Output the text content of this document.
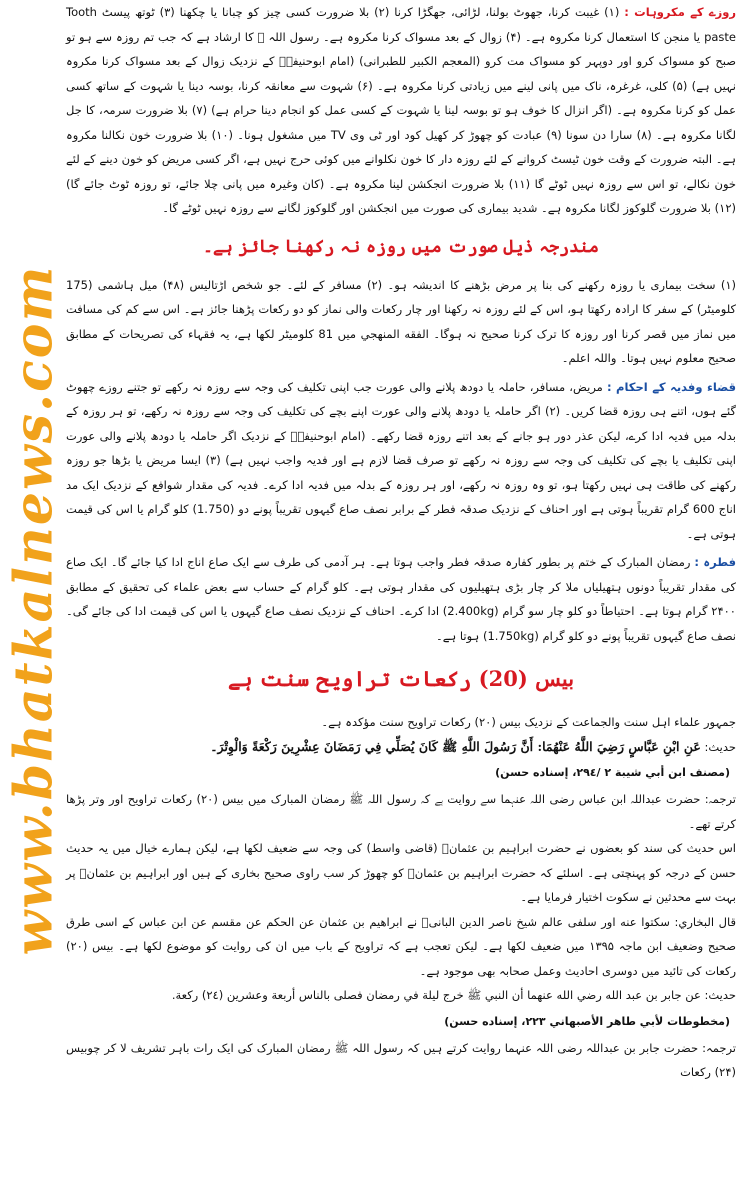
www.bhatkalnews.com

روزے کے مکروہات : (۱) غیبت کرنا، جھوٹ بولنا، لڑائی، جھگڑا کرنا (۲) بلا ضرورت کسی چیز کو چبانا یا چکھنا (۳) ٹوتھ پیسٹ Tooth paste یا منجن کا استعمال کرنا مکروہ ہے۔ (۴) زوال کے بعد مسواک کرنا مکروہ ہے۔ رسول اللہ ﷺ کا ارشاد ہے کہ جب تم روزہ سے ہو تو صبح کو مسواک کرو اور دوپہر کو مسواک مت کرو (المعجم الکبیر للطبرانی) (امام ابوحنیفہؒ کے نزدیک زوال کے بعد مسواک کرنا مکروہ نہیں ہے) (۵) کلی، غرغرہ، ناک میں پانی لینے میں زیادتی کرنا مکروہ ہے۔ (۶) شہوت سے معانقہ کرنا، بوسہ دینا یا شہوت کے ساتھ کسی عمل کو کرنا مکروہ ہے۔ (اگر انزال کا خوف ہو تو بوسہ لینا یا شہوت کے کسی عمل کو انجام دینا حرام ہے) (۷) بلا ضرورت سرمہ، کا جل لگانا مکروہ ہے۔ (۸) سارا دن سونا (۹) عبادت کو چھوڑ کر کھیل کود اور ٹی وی TV میں مشغول ہونا۔ (۱۰) بلا ضرورت خون نکالنا مکروہ ہے۔ البتہ ضرورت کے وقت خون ٹیسٹ کروانے کے لئے روزہ دار کا خون نکلوانے میں کوئی حرج نہیں ہے، اگر کسی مریض کو خون دینے کے لئے خون نکالے، تو اس سے روزہ نہیں ٹوٹے گا (۱۱) بلا ضرورت انجکشن لینا مکروہ ہے۔ (کان وغیرہ میں پانی چلا جائے، تو روزہ ٹوٹ جائے گا) (۱۲) بلا ضرورت گلوکوز لگانا مکروہ ہے۔ شدید بیماری کی صورت میں انجکشن اور گلوکوز لگانے سے روزہ نہیں ٹوٹے گا۔

مندرجہ ذیل صورت میں روزہ نہ رکھنا جائز ہے۔

(۱) سخت بیماری یا روزہ رکھنے کی بنا پر مرض بڑھنے کا اندیشہ ہو۔ (۲) مسافر کے لئے۔ جو شخص اڑتالیس (۴۸) میل ہاشمی (175 کلومیٹر) کے سفر کا ارادہ رکھتا ہو، اس کے لئے روزہ نہ رکھنا اور چار رکعات والی نماز کو دو رکعات پڑھنا جائز ہے۔ اس سے کم کی مسافت میں نماز میں قصر کرنا اور روزہ کا ترک کرنا صحیح نہ ہوگا۔ الفقه المنهجي میں 81 کلومیٹر لکھا ہے، یہ فقہاء کی تصریحات کے مطابق صحیح معلوم نہیں ہوتا۔ واللہ اعلم۔

قضاء وفدیہ کے احکام : مریض، مسافر، حاملہ یا دودھ پلانے والی عورت جب اپنی تکلیف کی وجہ سے روزہ نہ رکھے تو جتنے روزے چھوٹ گئے ہوں، اتنے ہی روزہ قضا کریں۔ (۲) اگر حاملہ یا دودھ پلانے والی عورت اپنے بچے کی تکلیف کی وجہ سے روزہ نہ رکھے، تو ہر روزہ کے بدلہ میں فدیہ ادا کرے، لیکن عذر دور ہو جانے کے بعد اتنے روزہ قضا رکھے۔ (امام ابوحنیفہؒ کے نزدیک اگر حاملہ یا دودھ پلانے والی عورت اپنی تکلیف یا بچے کی تکلیف کی وجہ سے روزہ نہ رکھے تو صرف قضا لازم ہے اور فدیہ واجب نہیں ہے) (۳) ایسا مریض یا بڑھا جو روزہ رکھنے کی طاقت ہی نہیں رکھتا ہو، تو وہ روزہ نہ رکھے، اور ہر روزہ کے بدلہ میں فدیہ ادا کرے۔ فدیہ کی مقدار شوافع کے نزدیک ایک مد اناج 600 گرام تقریباً ہوتی ہے اور احناف کے نزدیک صدقہ فطر کے برابر نصف صاع گیہوں تقریباً پونے دو (1.750) کلو گرام یا اس کی قیمت ہوتی ہے۔

فطرہ : رمضان المبارک کے ختم پر بطور کفارہ صدقہ فطر واجب ہوتا ہے۔ ہر آدمی کی طرف سے ایک صاع اناج ادا کیا جائے گا۔ ایک صاع کی مقدار تقریباً دونوں ہتھیلیاں ملا کر چار بڑی ہتھیلیوں کی مقدار ہوتی ہے۔ کلو گرام کے حساب سے بعض علماء کی تحقیق کے مطابق ۲۴۰۰ گرام ہوتا ہے۔ احتیاطاً دو کلو چار سو گرام (2.400kg) ادا کرے۔ احناف کے نزدیک نصف صاع گیہوں یا اس کی قیمت ادا کی جائے گی۔ نصف صاع گیہوں تقریباً پونے دو کلو گرام (1.750kg) ہوتا ہے۔

بیس (20) رکعات تراویح سنت ہے

جمہور علماء اہل سنت والجماعت کے نزدیک بیس (۲۰) رکعات تراویح سنت مؤکدہ ہے۔

حدیث: عَنِ ابْنِ عَبَّاسٍ رَضِيَ اللَّهُ عَنْهُمَا: أَنَّ رَسُولَ اللَّهِ ﷺ كَانَ يُصَلِّي فِي رَمَضَانَ عِشْرِينَ رَكْعَةً وَالْوِتْرَ۔

(مصنف ابن أبي شيبة ٢ /٢٩٤، إسناده حسن)

ترجمہ: حضرت عبداللہ ابن عباس رضی اللہ عنہما سے روایت ہے کہ رسول اللہ ﷺ رمضان المبارک میں بیس (۲۰) رکعات تراویح اور وتر پڑھا کرتے تھے۔

اس حدیث کی سند کو بعضوں نے حضرت ابراہیم بن عثمانؒ (قاضی واسط) کی وجہ سے ضعیف لکھا ہے، لیکن ہمارے خیال میں یہ حدیث حسن کے درجہ کو پہنچتی ہے۔ اسلئے کہ حضرت ابراہیم بن عثمانؒ کو چھوڑ کر سب راوی صحیح بخاری کے ہیں اور ابراہیم بن عثمانؒ پر بہت سے محدثین نے سکوت اختیار فرمایا ہے۔

قال البخاري: سكتوا عنه اور سلفی عالم شیخ ناصر الدین البانیؒ نے ابراهيم بن عثمان عن الحكم عن مقسم عن ابن عباس کے اسی طرق صحیح وضعیف ابن ماجہ ۱۳۹۵ میں ضعیف لکھا ہے۔ لیکن تعجب ہے کہ تراویح کے باب میں ان کی روایت کو موضوع لکھا ہے۔ بیس (۲۰) رکعات کی تائید میں دوسری احادیث وعمل صحابہ بھی موجود ہے۔

حدیث: عن جابر بن عبد الله رضي الله عنهما أن النبي ﷺ خرج ليلة في رمضان فصلى بالناس أربعة وعشرين (٢٤) ركعة.

(مخطوطات لأبي طاهر الأصبهاني ٢٢٣، إسناده حسن)

ترجمہ: حضرت جابر بن عبداللہ رضی اللہ عنہما روایت کرتے ہیں کہ رسول اللہ ﷺ رمضان المبارک کی ایک رات باہر تشریف لا کر چوبیس (۲۴) رکعات
